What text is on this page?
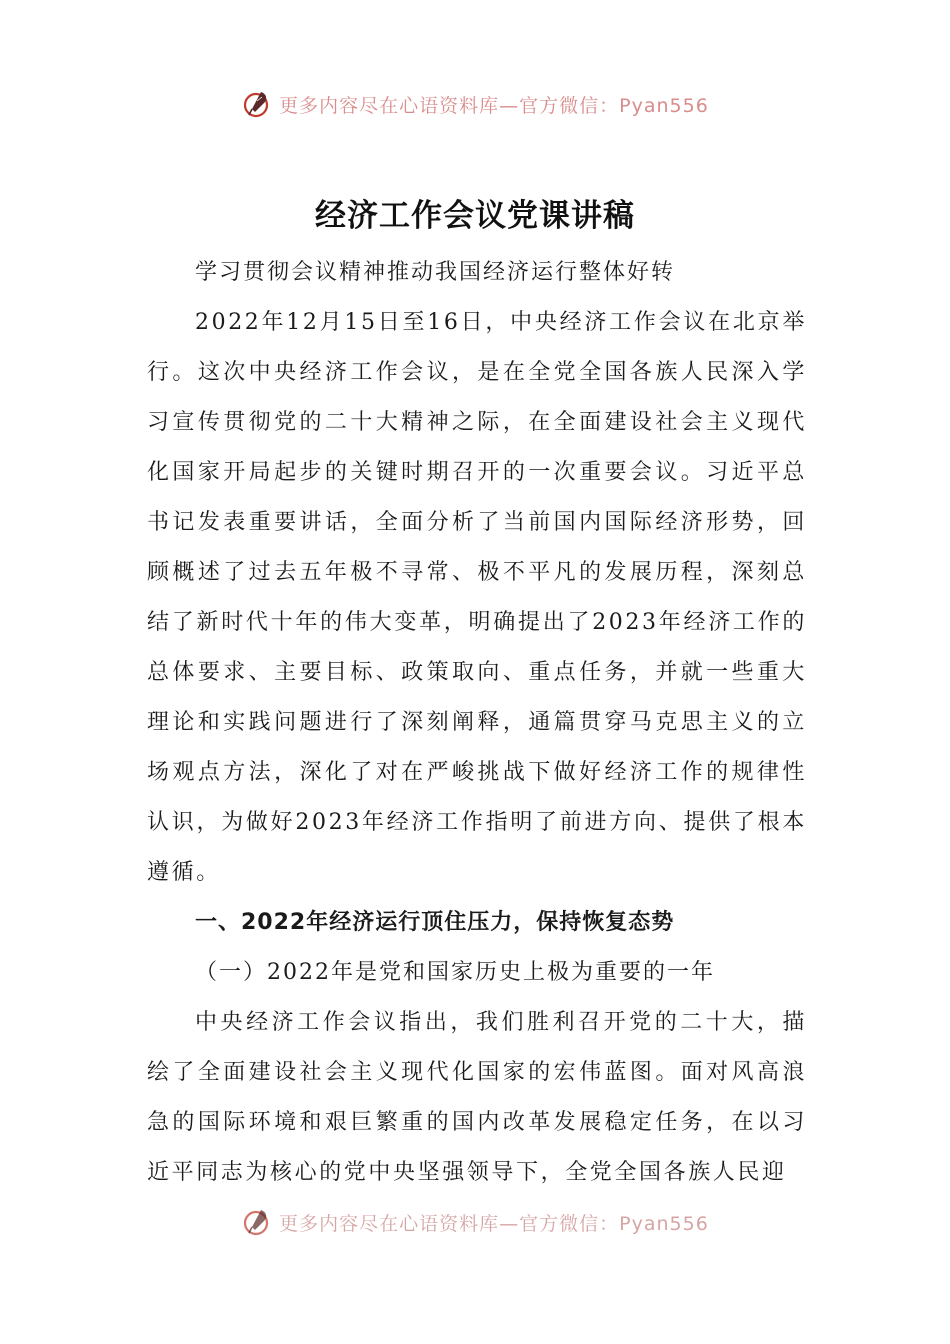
更多内容尽在心语资料库—官方微信：Pyan556
经济工作会议党课讲稿
学习贯彻会议精神推动我国经济运行整体好转

2022年12月15日至16日，中央经济工作会议在北京举行。这次中央经济工作会议，是在全党全国各族人民深入学习宣传贯彻党的二十大精神之际，在全面建设社会主义现代化国家开局起步的关键时期召开的一次重要会议。习近平总书记发表重要讲话，全面分析了当前国内国际经济形势，回顾概述了过去五年极不寻常、极不平凡的发展历程，深刻总结了新时代十年的伟大变革，明确提出了2023年经济工作的总体要求、主要目标、政策取向、重点任务，并就一些重大理论和实践问题进行了深刻阐释，通篇贯穿马克思主义的立场观点方法，深化了对在严峻挑战下做好经济工作的规律性认识，为做好2023年经济工作指明了前进方向、提供了根本遵循。

一、2022年经济运行顶住压力，保持恢复态势

（一）2022年是党和国家历史上极为重要的一年

中央经济工作会议指出，我们胜利召开党的二十大，描绘了全面建设社会主义现代化国家的宏伟蓝图。面对风高浪急的国际环境和艰巨繁重的国内改革发展稳定任务，在以习近平同志为核心的党中央坚强领导下，全党全国各族人民迎

更多内容尽在心语资料库—官方微信：Pyan556
